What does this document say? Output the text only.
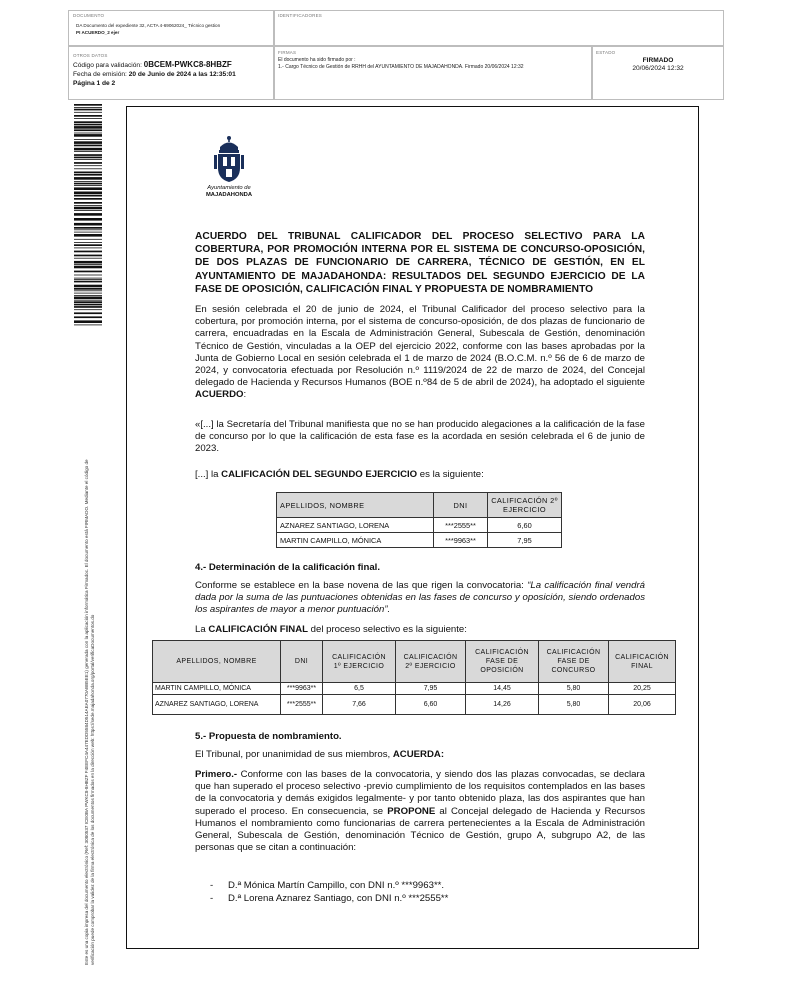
DOCUMENTO
DA Documento del expediente 32, ACTA 4-69062024_ Técnico gestion
PI ACUERDO_2 ejer
IDENTIFICADORES
OTROS DATOS
Código para validación: 0BCEM-PWKC8-8HBZF
Fecha de emisión: 20 de Junio de 2024 a las 12:35:01
Página 1 de 2
FIRMAS
El documento ha sido firmado por :
1.- Cargo Técnico de Gestión de RRHH del AYUNTAMIENTO DE MAJADAHONDA. Firmado 20/06/2024 12:32
ESTADO
FIRMADO
20/06/2024 12:32
Este es una copia impresa del documento electrónico (Ref: 3080537 ICE0BA PWKC8-8HBZF F4EEFC4A447EDD5584D514AEA0770ABB5EE1) generada con la aplicación informática Firmadoc. El documento está FIRMADO. Mediante el código de verificación puede comprobar la validez de la firma electrónica de los documentos firmados en la dirección web: https://sede.majadahonda.org/portal/verificaDocumentos.do
Ayuntamiento de
MAJADAHONDA
ACUERDO DEL TRIBUNAL CALIFICADOR DEL PROCESO SELECTIVO PARA LA COBERTURA, POR PROMOCIÓN INTERNA POR EL SISTEMA DE CONCURSO-OPOSICIÓN, DE DOS PLAZAS DE FUNCIONARIO DE CARRERA, TÉCNICO DE GESTIÓN, EN EL AYUNTAMIENTO DE MAJADAHONDA: RESULTADOS DEL SEGUNDO EJERCICIO DE LA FASE DE OPOSICIÓN, CALIFICACIÓN FINAL Y PROPUESTA DE NOMBRAMIENTO
En sesión celebrada el 20 de junio de 2024, el Tribunal Calificador del proceso selectivo para la cobertura, por promoción interna, por el sistema de concurso-oposición, de dos plazas de funcionario de carrera, encuadradas en la Escala de Administración General, Subescala de Gestión, denominación Técnico de Gestión, vinculadas a la OEP del ejercicio 2022, conforme con las bases aprobadas por la Junta de Gobierno Local en sesión celebrada el 1 de marzo de 2024 (B.O.C.M. n.º 56 de 6 de marzo de 2024, y convocatoria efectuada por Resolución n.º 1119/2024 de 22 de marzo de 2024, del Concejal delegado de Hacienda y Recursos Humanos (BOE n.º84 de 5 de abril de 2024), ha adoptado el siguiente ACUERDO:
«[...] la Secretaría del Tribunal manifiesta que no se han producido alegaciones a la calificación de la fase de concurso por lo que la calificación de esta fase es la acordada en sesión celebrada el 6 de junio de 2023.
[...] la CALIFICACIÓN DEL SEGUNDO EJERCICIO es la siguiente:
APELLIDOS, NOMBRE	DNI	CALIFICACIÓN 2º EJERCICIO
AZNAREZ SANTIAGO, LORENA	***2555**	6,60
MARTIN CAMPILLO, MÓNICA	***9963**	7,95
4.- Determinación de la calificación final.
Conforme se establece en la base novena de las que rigen la convocatoria: “La calificación final vendrá dada por la suma de las puntuaciones obtenidas en las fases de concurso y oposición, siendo ordenados los aspirantes de mayor a menor puntuación”.
La CALIFICACIÓN FINAL del proceso selectivo es la siguiente:
APELLIDOS, NOMBRE	DNI	CALIFICACIÓN 1º EJERCICIO	CALIFICACIÓN 2º EJERCICIO	CALIFICACIÓN FASE DE OPOSICIÓN	CALIFICACIÓN FASE DE CONCURSO	CALIFICACIÓN FINAL
MARTIN CAMPILLO, MÓNICA	***9963**	6,5	7,95	14,45	5,80	20,25
AZNAREZ SANTIAGO, LORENA	***2555**	7,66	6,60	14,26	5,80	20,06
5.- Propuesta de nombramiento.
El Tribunal, por unanimidad de sus miembros, ACUERDA:
Primero.- Conforme con las bases de la convocatoria, y siendo dos las plazas convocadas, se declara que han superado el proceso selectivo -previo cumplimiento de los requisitos contemplados en las bases de la convocatoria y demás exigidos legalmente- y por tanto obtenido plaza, las dos aspirantes que han superado el proceso. En consecuencia, se PROPONE al Concejal delegado de Hacienda y Recursos Humanos el nombramiento como funcionarias de carrera pertenecientes a la Escala de Administración General, Subescala de Gestión, denominación Técnico de Gestión, grupo A, subgrupo A2, de las personas que se citan a continuación:
- D.ª Mónica Martín Campillo, con DNI n.º ***9963**.
- D.ª Lorena Aznarez Santiago, con DNI n.º ***2555**
